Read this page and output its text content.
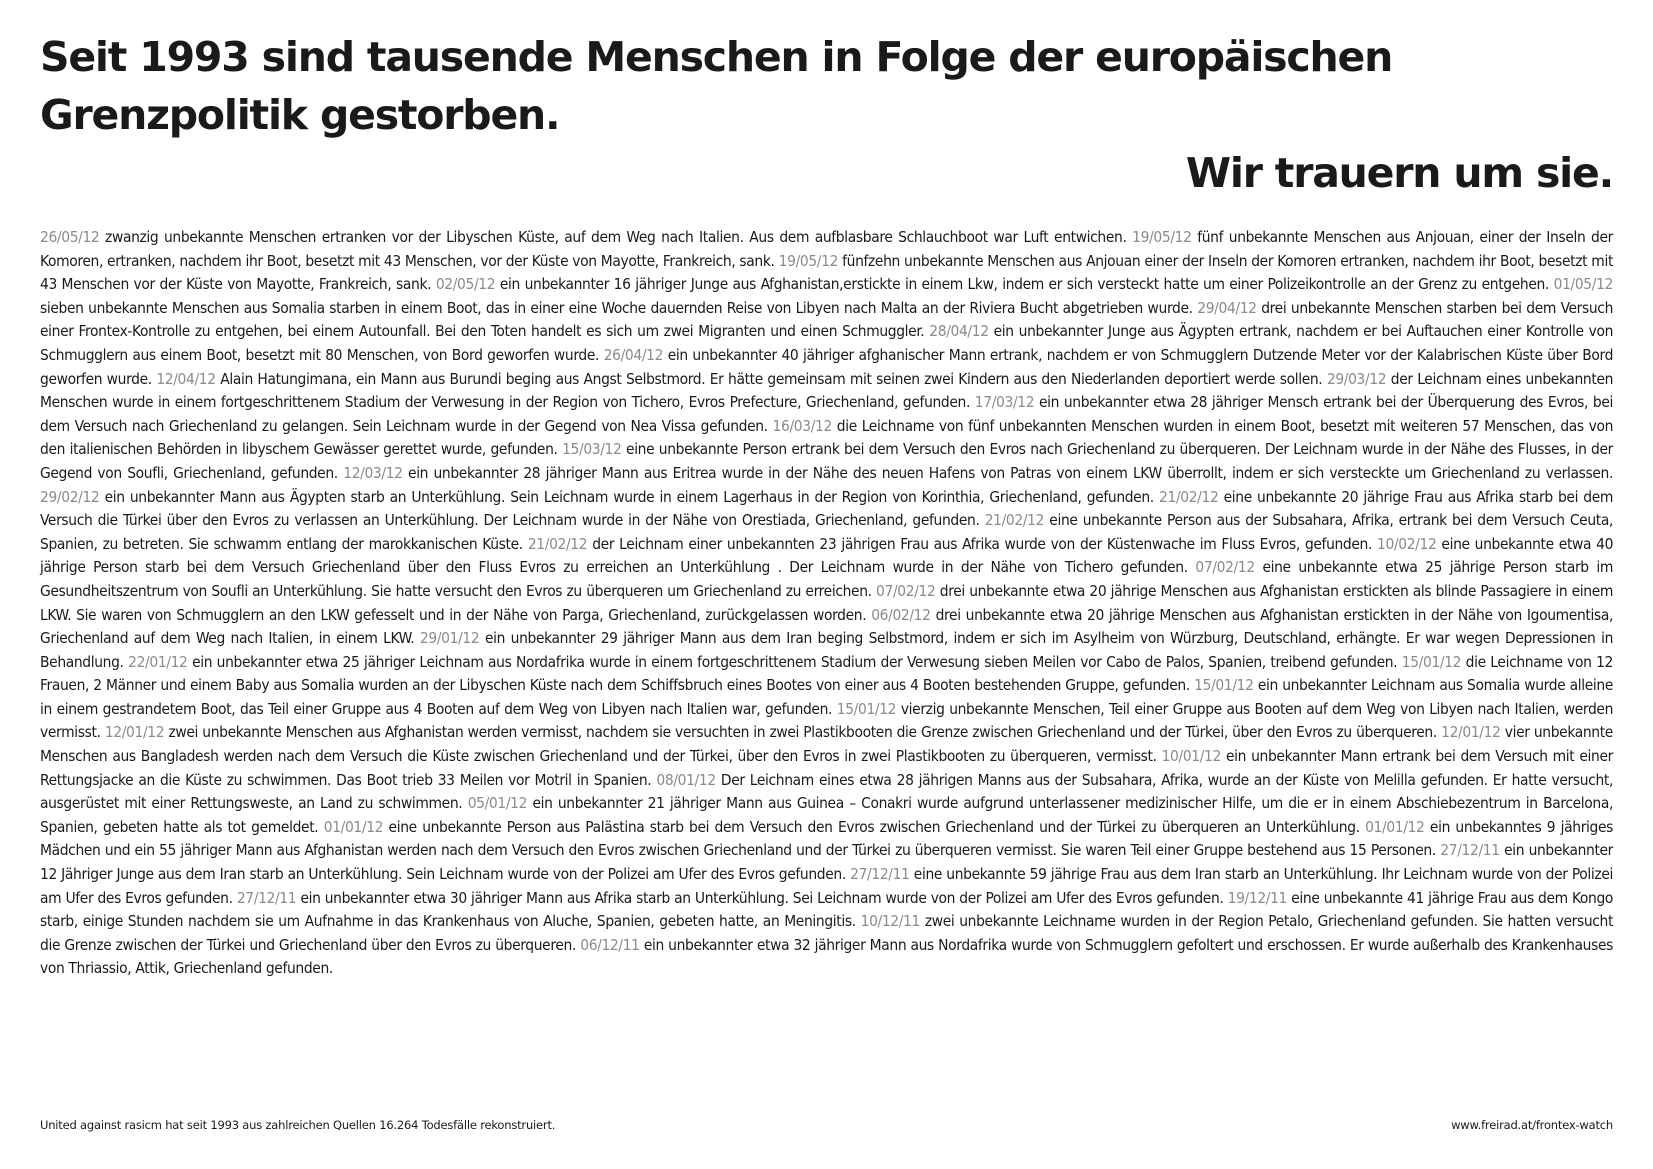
Seit 1993 sind tausende Menschen in Folge der europäischen Grenzpolitik gestorben.
Wir trauern um sie.
26/05/12 zwanzig unbekannte Menschen ertranken vor der Libyschen Küste, auf dem Weg nach Italien. Aus dem aufblasbare Schlauchboot war Luft entwichen. 19/05/12 fünf unbekannte Menschen aus Anjouan, einer der Inseln der Komoren, ertranken, nachdem ihr Boot, besetzt mit 43 Menschen, vor der Küste von Mayotte, Frankreich, sank. 19/05/12 fünfzehn unbekannte Menschen aus Anjouan einer der Inseln der Komoren ertranken, nachdem ihr Boot, besetzt mit 43 Menschen vor der Küste von Mayotte, Frankreich, sank. 02/05/12 ein unbekannter 16 jähriger Junge aus Afghanistan,erstickte in einem Lkw, indem er sich versteckt hatte um einer Polizeikontrolle an der Grenz zu entgehen. 01/05/12 sieben unbekannte Menschen aus Somalia starben in einem Boot, das in einer eine Woche dauernden Reise von Libyen nach Malta an der Riviera Bucht abgetrieben wurde. 29/04/12 drei unbekannte Menschen starben bei dem Versuch einer Frontex-Kontrolle zu entgehen, bei einem Autounfall. Bei den Toten handelt es sich um zwei Migranten und einen Schmuggler. 28/04/12 ein unbekannter Junge aus Ägypten ertrank, nachdem er bei Auftauchen einer Kontrolle von Schmugglern aus einem Boot, besetzt mit 80 Menschen, von Bord geworfen wurde. 26/04/12 ein unbekannter 40 jähriger afghanischer Mann ertrank, nachdem er von Schmugglern Dutzende Meter vor der Kalabrischen Küste über Bord geworfen wurde. 12/04/12 Alain Hatungimana, ein Mann aus Burundi beging aus Angst Selbstmord. Er hätte gemeinsam mit seinen zwei Kindern aus den Niederlanden deportiert werde sollen. 29/03/12 der Leichnam eines unbekannten Menschen wurde in einem fortgeschrittenem Stadium der Verwesung in der Region von Tichero, Evros Prefecture, Griechenland, gefunden. 17/03/12 ein unbekannter etwa 28 jähriger Mensch ertrank bei der Überquerung des Evros, bei dem Versuch nach Griechenland zu gelangen. Sein Leichnam wurde in der Gegend von Nea Vissa gefunden. 16/03/12 die Leichname von fünf unbekannten Menschen wurden in einem Boot, besetzt mit weiteren 57 Menschen, das von den italienischen Behörden in libyschem Gewässer gerettet wurde, gefunden. 15/03/12 eine unbekannte Person ertrank bei dem Versuch den Evros nach Griechenland zu überqueren. Der Leichnam wurde in der Nähe des Flusses, in der Gegend von Soufli, Griechenland, gefunden. 12/03/12 ein unbekannter 28 jähriger Mann aus Eritrea wurde in der Nähe des neuen Hafens von Patras von einem LKW überrollt, indem er sich versteckte um Griechenland zu verlassen. 29/02/12 ein unbekannter Mann aus Ägypten starb an Unterkühlung. Sein Leichnam wurde in einem Lagerhaus in der Region von Korinthia, Griechenland, gefunden. 21/02/12 eine unbekannte 20 jährige Frau aus Afrika starb bei dem Versuch die Türkei über den Evros zu verlassen an Unterkühlung. Der Leichnam wurde in der Nähe von Orestiada, Griechenland, gefunden. 21/02/12 eine unbekannte Person aus der Subsahara, Afrika, ertrank bei dem Versuch Ceuta, Spanien, zu betreten. Sie schwamm entlang der marokkanischen Küste. 21/02/12 der Leichnam einer unbekannten 23 jährigen Frau aus Afrika wurde von der Küstenwache im Fluss Evros, gefunden. 10/02/12 eine unbekannte etwa 40 jährige Person starb bei dem Versuch Griechenland über den Fluss Evros zu erreichen an Unterkühlung . Der Leichnam wurde in der Nähe von Tichero gefunden. 07/02/12 eine unbekannte etwa 25 jährige Person starb im Gesundheitszentrum von Soufli an Unterkühlung. Sie hatte versucht den Evros zu überqueren um Griechenland zu erreichen. 07/02/12 drei unbekannte etwa 20 jährige Menschen aus Afghanistan erstickten als blinde Passagiere in einem LKW. Sie waren von Schmugglern an den LKW gefesselt und in der Nähe von Parga, Griechenland, zurückgelassen worden. 06/02/12 drei unbekannte etwa 20 jährige Menschen aus Afghanistan erstickten in der Nähe von Igoumentisa, Griechenland auf dem Weg nach Italien, in einem LKW. 29/01/12 ein unbekannter 29 jähriger Mann aus dem Iran beging Selbstmord, indem er sich im Asylheim von Würzburg, Deutschland, erhängte. Er war wegen Depressionen in Behandlung. 22/01/12 ein unbekannter etwa 25 jähriger Leichnam aus Nordafrika wurde in einem fortgeschrittenem Stadium der Verwesung sieben Meilen vor Cabo de Palos, Spanien, treibend gefunden. 15/01/12 die Leichname von 12 Frauen, 2 Männer und einem Baby aus Somalia wurden an der Libyschen Küste nach dem Schiffsbruch eines Bootes von einer aus 4 Booten bestehenden Gruppe, gefunden. 15/01/12 ein unbekannter Leichnam aus Somalia wurde alleine in einem gestrandetem Boot, das Teil einer Gruppe aus 4 Booten auf dem Weg von Libyen nach Italien war, gefunden. 15/01/12 vierzig unbekannte Menschen, Teil einer Gruppe aus Booten auf dem Weg von Libyen nach Italien, werden vermisst. 12/01/12 zwei unbekannte Menschen aus Afghanistan werden vermisst, nachdem sie versuchten in zwei Plastikbooten die Grenze zwischen Griechenland und der Türkei, über den Evros zu überqueren. 12/01/12 vier unbekannte Menschen aus Bangladesh werden nach dem Versuch die Küste zwischen Griechenland und der Türkei, über den Evros in zwei Plastikbooten zu überqueren, vermisst. 10/01/12 ein unbekannter Mann ertrank bei dem Versuch mit einer Rettungsjacke an die Küste zu schwimmen. Das Boot trieb 33 Meilen vor Motril in Spanien. 08/01/12 Der Leichnam eines etwa 28 jährigen Manns aus der Subsahara, Afrika, wurde an der Küste von Melilla gefunden. Er hatte versucht, ausgerüstet mit einer Rettungsweste, an Land zu schwimmen. 05/01/12 ein unbekannter 21 jähriger Mann aus Guinea – Conakri wurde aufgrund unterlassener medizinischer Hilfe, um die er in einem Abschiebezentrum in Barcelona, Spanien, gebeten hatte als tot gemeldet. 01/01/12 eine unbekannte Person aus Palästina starb bei dem Versuch den Evros zwischen Griechenland und der Türkei zu überqueren an Unterkühlung. 01/01/12 ein unbekanntes 9 jähriges Mädchen und ein 55 jähriger Mann aus Afghanistan werden nach dem Versuch den Evros zwischen Griechenland und der Türkei zu überqueren vermisst. Sie waren Teil einer Gruppe bestehend aus 15 Personen. 27/12/11 ein unbekannter 12 Jähriger Junge aus dem Iran starb an Unterkühlung. Sein Leichnam wurde von der Polizei am Ufer des Evros gefunden. 27/12/11 eine unbekannte 59 jährige Frau aus dem Iran starb an Unterkühlung. Ihr Leichnam wurde von der Polizei am Ufer des Evros gefunden. 27/12/11 ein unbekannter etwa 30 jähriger Mann aus Afrika starb an Unterkühlung. Sei Leichnam wurde von der Polizei am Ufer des Evros gefunden. 19/12/11 eine unbekannte 41 jährige Frau aus dem Kongo starb, einige Stunden nachdem sie um Aufnahme in das Krankenhaus von Aluche, Spanien, gebeten hatte, an Meningitis. 10/12/11 zwei unbekannte Leichname wurden in der Region Petalo, Griechenland gefunden. Sie hatten versucht die Grenze zwischen der Türkei und Griechenland über den Evros zu überqueren. 06/12/11 ein unbekannter etwa 32 jähriger Mann aus Nordafrika wurde von Schmugglern gefoltert und erschossen. Er wurde außerhalb des Krankenhauses von Thriassio, Attik, Griechenland gefunden.
United against rasicm hat seit 1993 aus zahlreichen Quellen 16.264 Todesfälle rekonstruiert.	www.freirad.at/frontex-watch
